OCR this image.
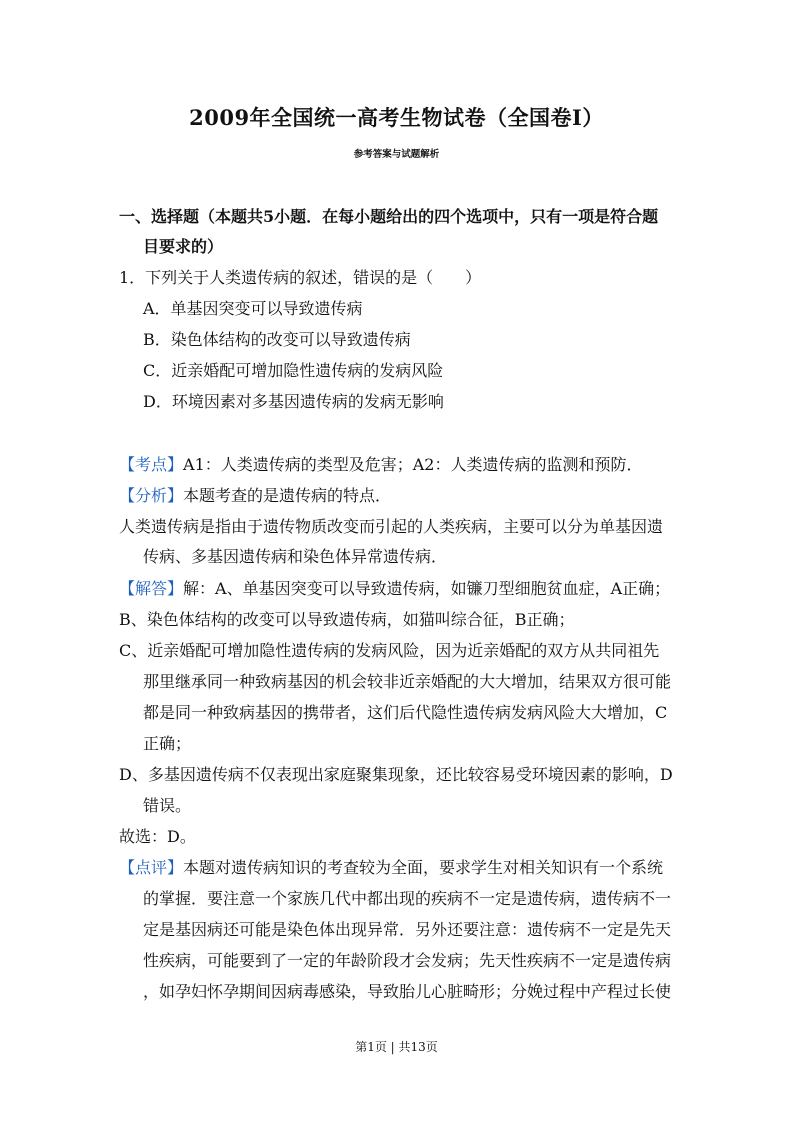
2009年全国统一高考生物试卷（全国卷I）
参考答案与试题解析
一、选择题（本题共5小题．在每小题给出的四个选项中，只有一项是符合题
目要求的）
1．下列关于人类遗传病的叙述，错误的是（　　）
A．单基因突变可以导致遗传病
B．染色体结构的改变可以导致遗传病
C．近亲婚配可增加隐性遗传病的发病风险
D．环境因素对多基因遗传病的发病无影响
【考点】A1：人类遗传病的类型及危害；A2：人类遗传病的监测和预防．
【分析】本题考查的是遗传病的特点．
人类遗传病是指由于遗传物质改变而引起的人类疾病，主要可以分为单基因遗
传病、多基因遗传病和染色体异常遗传病．
【解答】解：A、单基因突变可以导致遗传病，如镰刀型细胞贫血症，A正确；
B、染色体结构的改变可以导致遗传病，如猫叫综合征，B正确；
C、近亲婚配可增加隐性遗传病的发病风险，因为近亲婚配的双方从共同祖先
那里继承同一种致病基因的机会较非近亲婚配的大大增加，结果双方很可能
都是同一种致病基因的携带者，这们后代隐性遗传病发病风险大大增加，C
正确；
D、多基因遗传病不仅表现出家庭聚集现象，还比较容易受环境因素的影响，D
错误。
故选：D。
【点评】本题对遗传病知识的考查较为全面，要求学生对相关知识有一个系统
的掌握．要注意一个家族几代中都出现的疾病不一定是遗传病，遗传病不一
定是基因病还可能是染色体出现异常．另外还要注意：遗传病不一定是先天
性疾病，可能要到了一定的年龄阶段才会发病；先天性疾病不一定是遗传病
，如孕妇怀孕期间因病毒感染，导致胎儿心脏畸形；分娩过程中产程过长使
第1页 | 共13页
